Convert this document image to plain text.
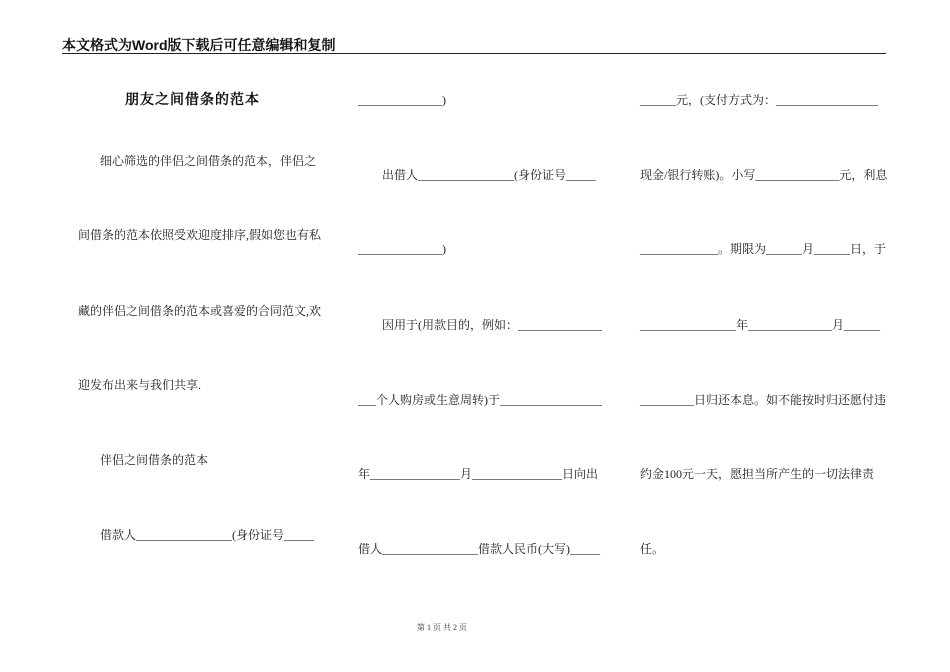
本文格式为Word版下载后可任意编辑和复制
朋友之间借条的范本
细心筛选的伴侣之间借条的范本，伴侣之
间借条的范本依照受欢迎度排序,假如您也有私
藏的伴侣之间借条的范本或喜爱的合同范文,欢
迎发布出来与我们共享.
伴侣之间借条的范本
借款人________________(身份证号_____
______________)
出借人________________(身份证号_____
______________)
因用于(用款目的，例如：______________
___个人购房或生意周转)于_________________
年_______________月_______________日向出
借人________________借款人民币(大写)_____
______元，(支付方式为：_________________
现金/银行转账)。小写______________元，利息
_____________。期限为______月______日，于
________________年______________月______
_________日归还本息。如不能按时归还愿付违
约金100元一天，愿担当所产生的一切法律责
任。
第 1 页 共 2 页
